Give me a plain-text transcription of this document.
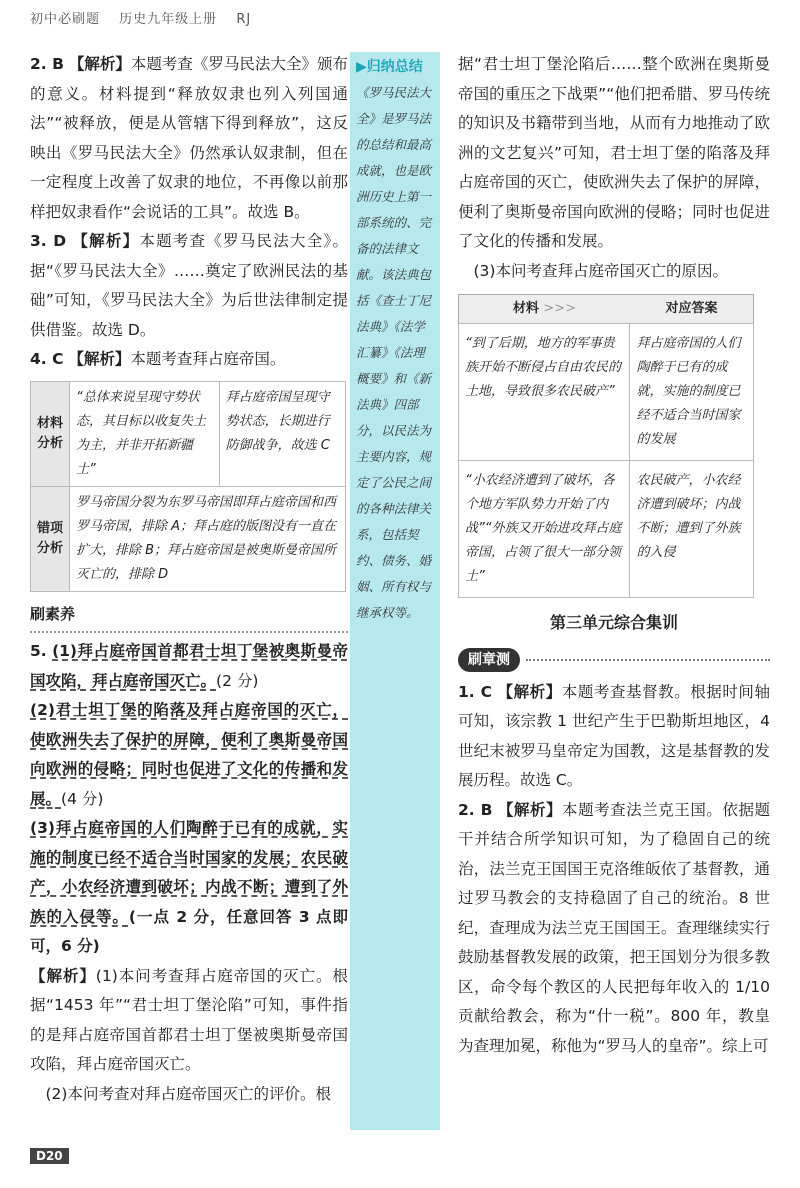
初中必刷题 历史九年级上册 RJ

2. B 【解析】本题考查《罗马民法大全》颁布的意义。材料提到“释放奴隶也列入列国通法”“被释放，便是从管辖下得到释放”，这反映出《罗马民法大全》仍然承认奴隶制，但在一定程度上改善了奴隶的地位，不再像以前那样把奴隶看作“会说话的工具”。故选 B。

3. D 【解析】本题考查《罗马民法大全》。据“《罗马民法大全》……奠定了欧洲民法的基础”可知，《罗马民法大全》为后世法律制定提供借鉴。故选 D。

4. C 【解析】本题考查拜占庭帝国。

材料分析	“总体来说呈现守势状态，其目标以收复失土为主，并非开拓新疆土”	拜占庭帝国呈现守势状态，长期进行防御战争，故选 C
错项分析	罗马帝国分裂为东罗马帝国即拜占庭帝国和西罗马帝国，排除 A；拜占庭的版图没有一直在扩大，排除 B；拜占庭帝国是被奥斯曼帝国所灭亡的，排除 D	
刷素养

5. (1)拜占庭帝国首都君士坦丁堡被奥斯曼帝国攻陷，拜占庭帝国灭亡。(2 分)

(2)君士坦丁堡的陷落及拜占庭帝国的灭亡，使欧洲失去了保护的屏障，便利了奥斯曼帝国向欧洲的侵略；同时也促进了文化的传播和发展。(4 分)

(3)拜占庭帝国的人们陶醉于已有的成就，实施的制度已经不适合当时国家的发展；农民破产，小农经济遭到破坏；内战不断；遭到了外族的入侵等。(一点 2 分，任意回答 3 点即可，6 分)

【解析】(1)本问考查拜占庭帝国的灭亡。根据“1453 年”“君士坦丁堡沦陷”可知，事件指的是拜占庭帝国首都君士坦丁堡被奥斯曼帝国攻陷，拜占庭帝国灭亡。

(2)本问考查对拜占庭帝国灭亡的评价。根

▶归纳总结
《罗马民法大全》是罗马法的总结和最高成就，也是欧洲历史上第一部系统的、完备的法律文献。该法典包括《查士丁尼法典》《法学汇纂》《法理概要》和《新法典》四部分，以民法为主要内容，规定了公民之间的各种法律关系，包括契约、债务、婚姻、所有权与继承权等。

据“君士坦丁堡沦陷后……整个欧洲在奥斯曼帝国的重压之下战栗”“他们把希腊、罗马传统的知识及书籍带到当地，从而有力地推动了欧洲的文艺复兴”可知，君士坦丁堡的陷落及拜占庭帝国的灭亡，使欧洲失去了保护的屏障，便利了奥斯曼帝国向欧洲的侵略；同时也促进了文化的传播和发展。

(3)本问考查拜占庭帝国灭亡的原因。

材料 >>>	对应答案
“到了后期，地方的军事贵族开始不断侵占自由农民的土地，导致很多农民破产”	拜占庭帝国的人们陶醉于已有的成就，实施的制度已经不适合当时国家的发展
“小农经济遭到了破坏，各个地方军队势力开始了内战”“外族又开始进攻拜占庭帝国，占领了很大一部分领土”	农民破产，小农经济遭到破坏；内战不断；遭到了外族的入侵
第三单元综合集训
刷章测

1. C 【解析】本题考查基督教。根据时间轴可知，该宗教 1 世纪产生于巴勒斯坦地区，4 世纪末被罗马皇帝定为国教，这是基督教的发展历程。故选 C。

2. B 【解析】本题考查法兰克王国。依据题干并结合所学知识可知，为了稳固自己的统治，法兰克王国国王克洛维皈依了基督教，通过罗马教会的支持稳固了自己的统治。8 世纪，查理成为法兰克王国国王。查理继续实行鼓励基督教发展的政策，把王国划分为很多教区，命令每个教区的人民把每年收入的 1/10 贡献给教会，称为“什一税”。800 年，教皇为查理加冕，称他为“罗马人的皇帝”。综上可

D20
